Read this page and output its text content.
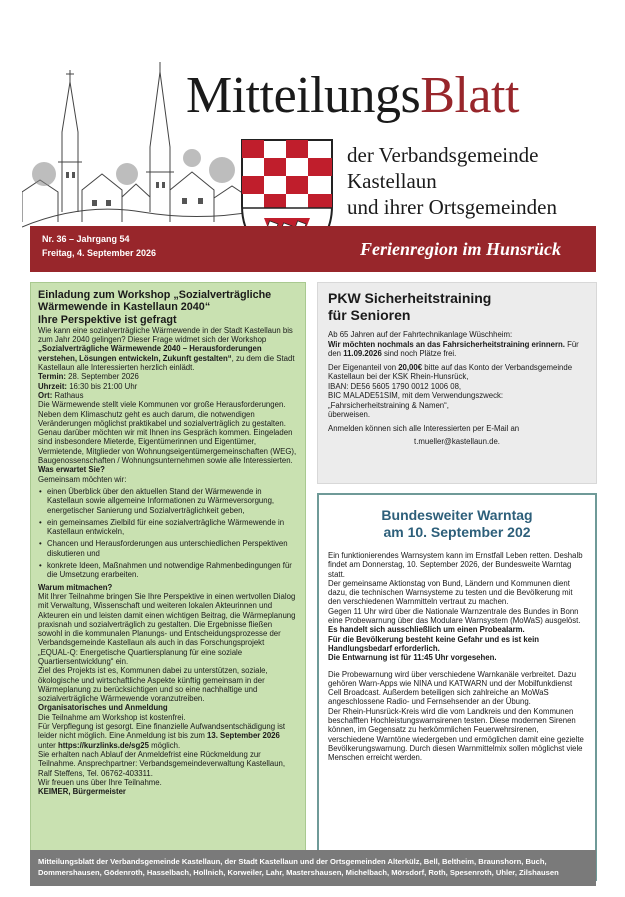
MitteilungsBlatt
der Verbandsgemeinde
Kastellaun
und ihrer Ortsgemeinden
Nr. 36 – Jahrgang 54
Freitag, 4. September 2026	Ferienregion im Hunsrück
Einladung zum Workshop „Sozialverträgliche
Wärmewende in Kastellaun 2040“
Ihre Perspektive ist gefragt

Wie kann eine sozialverträgliche Wärmewende in der Stadt Kastellaun bis zum Jahr 2040 gelingen? Dieser Frage widmet sich der Workshop „Sozialverträgliche Wärmewende 2040 – Herausforderungen verstehen, Lösungen entwickeln, Zukunft gestalten“, zu dem die Stadt Kastellaun alle Interessierten herzlich einlädt.

Termin: 28. September 2026

Uhrzeit: 16:30 bis 21:00 Uhr

Ort: Rathaus

Die Wärmewende stellt viele Kommunen vor große Herausforderungen. Neben dem Klimaschutz geht es auch darum, die notwendigen Veränderungen möglichst praktikabel und sozialverträglich zu gestalten. Genau darüber möchten wir mit Ihnen ins Gespräch kommen. Eingeladen sind insbesondere Mieterde, Eigentümerinnen und Eigentümer, Vermietende, Mitglieder von Wohnungseigentümergemeinschaften (WEG), Baugenossenschaften / Wohnungsunternehmen sowie alle Interessierten.

Was erwartet Sie?

Gemeinsam möchten wir:

• einen Überblick über den aktuellen Stand der Wärmewende in Kastellaun sowie allgemeine Informationen zu Wärmeversorgung, energetischer Sanierung und Sozialverträglichkeit geben,
• ein gemeinsames Zielbild für eine sozialverträgliche Wärmewende in Kastellaun entwickeln,
• Chancen und Herausforderungen aus unterschiedlichen Perspektiven diskutieren und
• konkrete Ideen, Maßnahmen und notwendige Rahmenbedingungen für die Umsetzung erarbeiten.

Warum mitmachen?

Mit Ihrer Teilnahme bringen Sie Ihre Perspektive in einen wertvollen Dialog mit Verwaltung, Wissenschaft und weiteren lokalen Akteurinnen und Akteuren ein und leisten damit einen wichtigen Beitrag, die Wärmeplanung praxisnah und sozialverträglich zu gestalten. Die Ergebnisse fließen sowohl in die kommunalen Planungs- und Entscheidungsprozesse der Verbandsgemeinde Kastellaun als auch in das Forschungsprojekt „EQUAL-Q: Energetische Quartiersplanung für eine soziale Quartiersentwicklung“ ein.

Ziel des Projekts ist es, Kommunen dabei zu unterstützen, soziale, ökologische und wirtschaftliche Aspekte künftig gemeinsam in der Wärmeplanung zu berücksichtigen und so eine nachhaltige und sozialverträgliche Wärmewende voranzutreiben.

Organisatorisches und Anmeldung

Die Teilnahme am Workshop ist kostenfrei.

Für Verpflegung ist gesorgt. Eine finanzielle Aufwandsentschädigung ist leider nicht möglich. Eine Anmeldung ist bis zum 13. September 2026 unter https://kurzlinks.de/sg25 möglich.

Sie erhalten nach Ablauf der Anmeldefrist eine Rückmeldung zur Teilnahme. Ansprechpartner: Verbandsgemeindeverwaltung Kastellaun, Ralf Steffens, Tel. 06762-403311.

Wir freuen uns über Ihre Teilnahme.

KEIMER, Bürgermeister

PKW Sicherheitstraining
für Senioren

Ab 65 Jahren auf der Fahrtechnikanlage Wüschheim:
Wir möchten nochmals an das Fahrsicherheitstraining erinnern. Für den 11.09.2026 sind noch Plätze frei.

Der Eigenanteil von 20,00€ bitte auf das Konto der Verbandsgemeinde Kastellaun bei der KSK Rhein-Hunsrück,
IBAN: DE56 5605 1790 0012 1006 08,
BIC MALADE51SIM, mit dem Verwendungszweck:
„Fahrsicherheitstraining & Namen“,
überweisen.

Anmelden können sich alle Interessierten per E-Mail an

t.mueller@kastellaun.de.

Bundesweiter Warntag
am 10. September 202

Ein funktionierendes Warnsystem kann im Ernstfall Leben retten. Deshalb findet am Donnerstag, 10. September 2026, der Bundesweite Warntag statt.

Der gemeinsame Aktionstag von Bund, Ländern und Kommunen dient dazu, die technischen Warnsysteme zu testen und die Bevölkerung mit den verschiedenen Warnmitteln vertraut zu machen.

Gegen 11 Uhr wird über die Nationale Warnzentrale des Bundes in Bonn eine Probewarnung über das Modulare Warnsystem (MoWaS) ausgelöst.

Es handelt sich ausschließlich um einen Probealarm.

Für die Bevölkerung besteht keine Gefahr und es ist kein Handlungsbedarf erforderlich.

Die Entwarnung ist für 11:45 Uhr vorgesehen.

Die Probewarnung wird über verschiedene Warnkanäle verbreitet. Dazu gehören Warn-Apps wie NINA und KATWARN und der Mobilfunkdienst Cell Broadcast. Außerdem beteiligen sich zahlreiche an MoWaS angeschlossene Radio- und Fernsehsender an der Übung.

Der Rhein-Hunsrück-Kreis wird die vom Landkreis und den Kommunen beschafften Hochleistungswarnsirenen testen. Diese modernen Sirenen können, im Gegensatz zu herkömmlichen Feuerwehrsirenen, verschiedene Warntöne wiedergeben und ermöglichen damit eine gezielte Bevölkerungswarnung. Durch diesen Warnmittelmix sollen möglichst viele Menschen erreicht werden.

Mitteilungsblatt der Verbandsgemeinde Kastellaun, der Stadt Kastellaun und der Ortsgemeinden Alterkülz, Bell, Beltheim, Braunshorn, Buch, Dommershausen, Gödenroth, Hasselbach, Hollnich, Korweiler, Lahr, Mastershausen, Michelbach, Mörsdorf, Roth, Spesenroth, Uhler, Zilshausen
